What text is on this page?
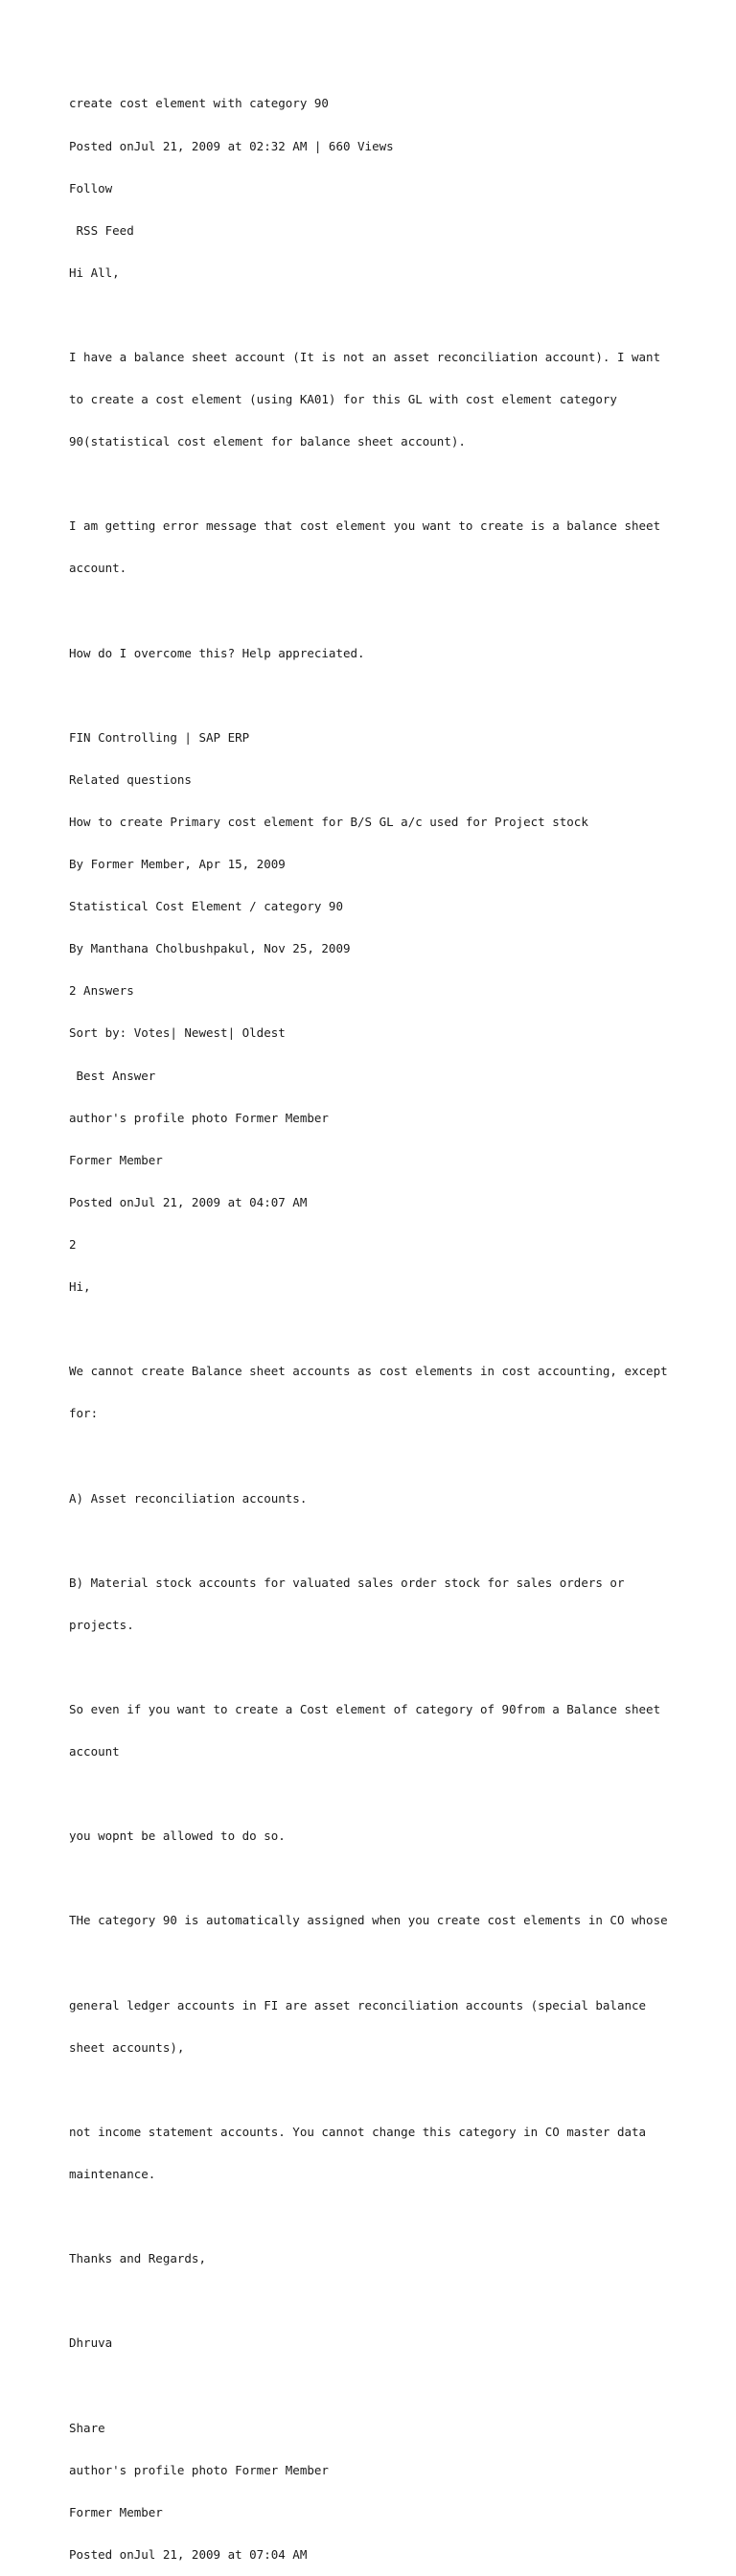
create cost element with category 90

Posted onJul 21, 2009 at 02:32 AM | 660 Views

Follow

RSS Feed

Hi All,

I have a balance sheet account (It is not an asset reconciliation account). I want

to create a cost element (using KA01) for this GL with cost element category

90(statistical cost element for balance sheet account).

I am getting error message that cost element you want to create is a balance sheet

account.

How do I overcome this? Help appreciated.

FIN Controlling | SAP ERP

Related questions

How to create Primary cost element for B/S GL a/c used for Project stock

By Former Member, Apr 15, 2009

Statistical Cost Element / category 90

By Manthana Cholbushpakul, Nov 25, 2009

2 Answers

Sort by: Votes| Newest| Oldest

Best Answer

author's profile photo Former Member

Former Member

Posted onJul 21, 2009 at 04:07 AM

2

Hi,

We cannot create Balance sheet accounts as cost elements in cost accounting, except

for:

A) Asset reconciliation accounts.

B) Material stock accounts for valuated sales order stock for sales orders or

projects.

So even if you want to create a Cost element of category of 90from a Balance sheet

account

you wopnt be allowed to do so.

THe category 90 is automatically assigned when you create cost elements in CO whose

general ledger accounts in FI are asset reconciliation accounts (special balance

sheet accounts),

not income statement accounts. You cannot change this category in CO master data

maintenance.

Thanks and Regards,

Dhruva

Share

author's profile photo Former Member

Former Member

Posted onJul 21, 2009 at 07:04 AM
